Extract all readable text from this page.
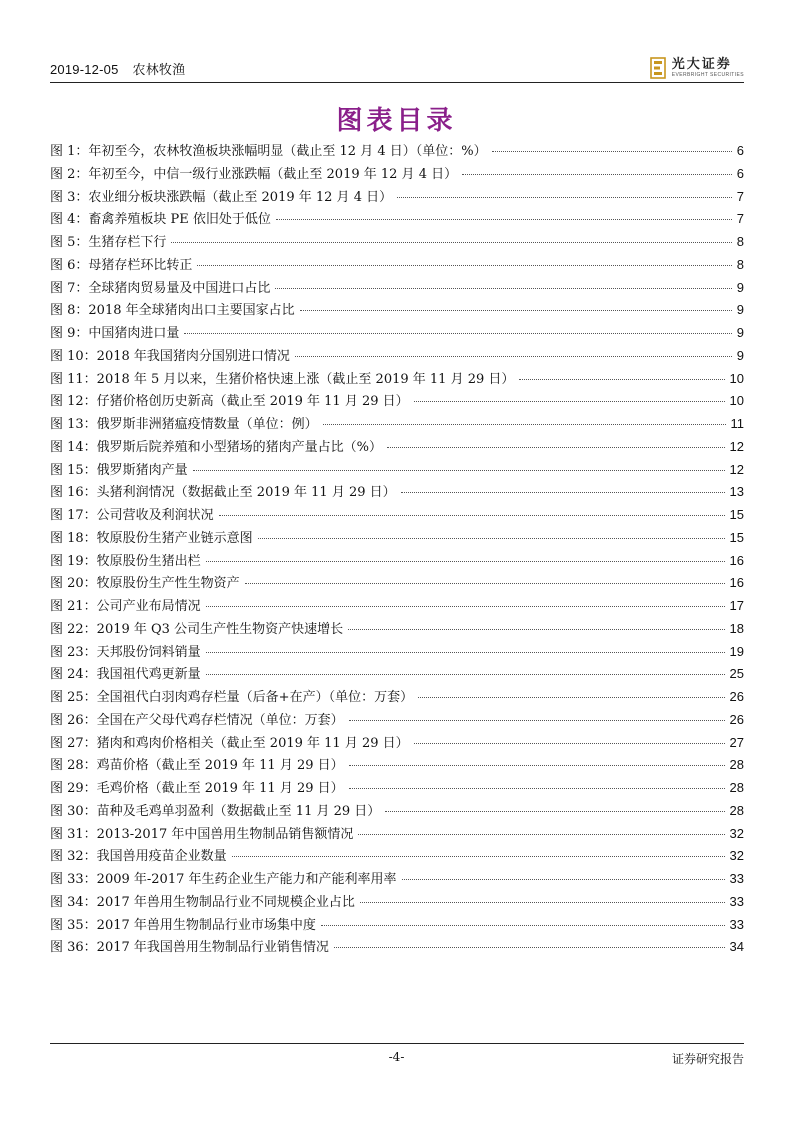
2019-12-05 农林牧渔	光大证券
EVERBRIGHT SECURITIES
图表目录
图 1：年初至今，农林牧渔板块涨幅明显（截止至 12 月 4 日）（单位：%）	6
图 2：年初至今，中信一级行业涨跌幅（截止至 2019 年 12 月 4 日）	6
图 3：农业细分板块涨跌幅（截止至 2019 年 12 月 4 日）	7
图 4：畜禽养殖板块 PE 依旧处于低位	7
图 5：生猪存栏下行	8
图 6：母猪存栏环比转正	8
图 7：全球猪肉贸易量及中国进口占比	9
图 8：2018 年全球猪肉出口主要国家占比	9
图 9：中国猪肉进口量	9
图 10：2018 年我国猪肉分国别进口情况	9
图 11：2018 年 5 月以来，生猪价格快速上涨（截止至 2019 年 11 月 29 日）	10
图 12：仔猪价格创历史新高（截止至 2019 年 11 月 29 日）	10
图 13：俄罗斯非洲猪瘟疫情数量（单位：例）	11
图 14：俄罗斯后院养殖和小型猪场的猪肉产量占比（%）	12
图 15：俄罗斯猪肉产量	12
图 16：头猪利润情况（数据截止至 2019 年 11 月 29 日）	13
图 17：公司营收及利润状况	15
图 18：牧原股份生猪产业链示意图	15
图 19：牧原股份生猪出栏	16
图 20：牧原股份生产性生物资产	16
图 21：公司产业布局情况	17
图 22：2019 年 Q3 公司生产性生物资产快速增长	18
图 23：天邦股份饲料销量	19
图 24：我国祖代鸡更新量	25
图 25：全国祖代白羽肉鸡存栏量（后备+在产）（单位：万套）	26
图 26：全国在产父母代鸡存栏情况（单位：万套）	26
图 27：猪肉和鸡肉价格相关（截止至 2019 年 11 月 29 日）	27
图 28：鸡苗价格（截止至 2019 年 11 月 29 日）	28
图 29：毛鸡价格（截止至 2019 年 11 月 29 日）	28
图 30：苗种及毛鸡单羽盈利（数据截止至 11 月 29 日）	28
图 31：2013-2017 年中国兽用生物制品销售额情况	32
图 32：我国兽用疫苗企业数量	32
图 33：2009 年-2017 年生药企业生产能力和产能利率用率	33
图 34：2017 年兽用生物制品行业不同规模企业占比	33
图 35：2017 年兽用生物制品行业市场集中度	33
图 36：2017 年我国兽用生物制品行业销售情况	34
-4-	证券研究报告
